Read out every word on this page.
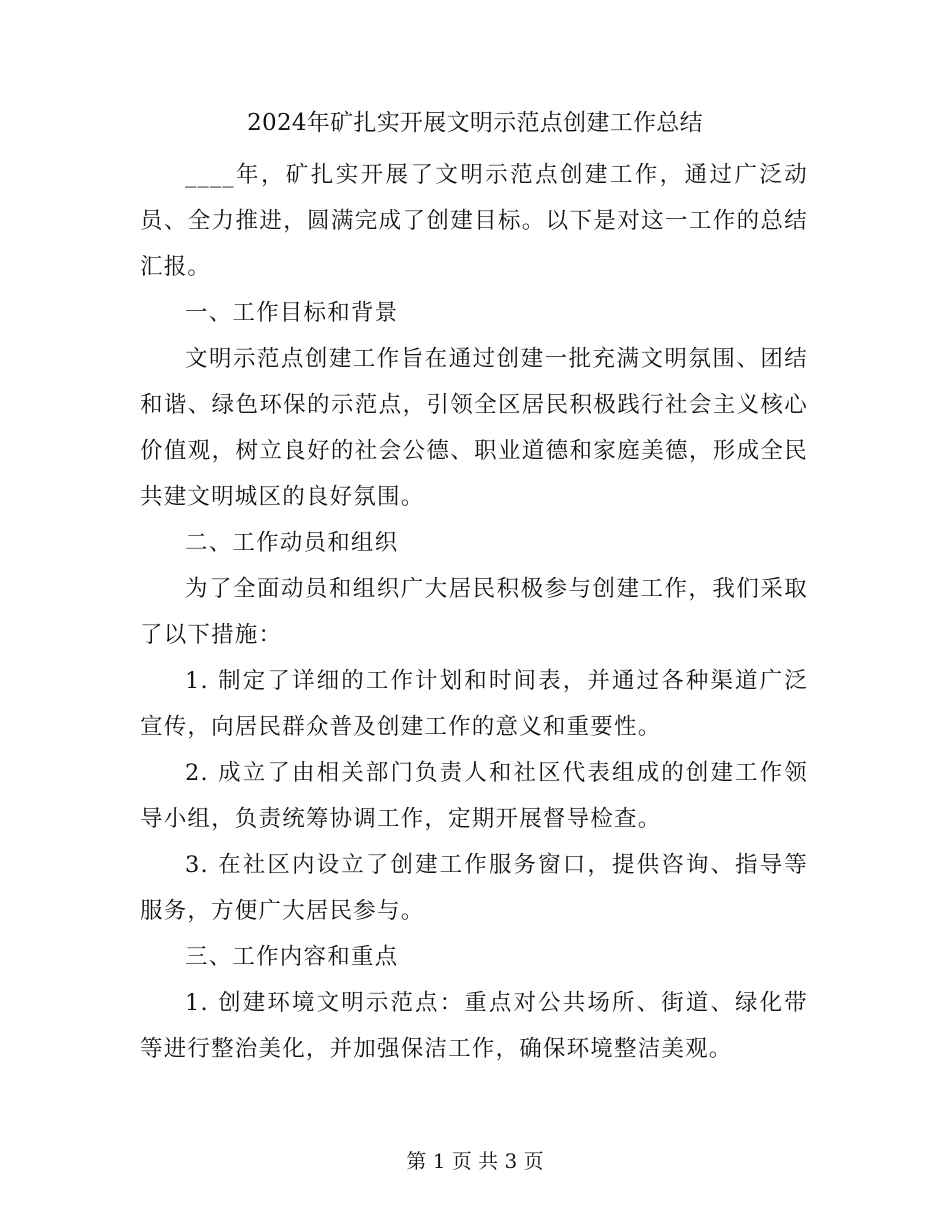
2024年矿扎实开展文明示范点创建工作总结

____年，矿扎实开展了文明示范点创建工作，通过广泛动员、全力推进，圆满完成了创建目标。以下是对这一工作的总结汇报。

一、工作目标和背景

文明示范点创建工作旨在通过创建一批充满文明氛围、团结和谐、绿色环保的示范点，引领全区居民积极践行社会主义核心价值观，树立良好的社会公德、职业道德和家庭美德，形成全民共建文明城区的良好氛围。

二、工作动员和组织

为了全面动员和组织广大居民积极参与创建工作，我们采取了以下措施：

1. 制定了详细的工作计划和时间表，并通过各种渠道广泛宣传，向居民群众普及创建工作的意义和重要性。

2. 成立了由相关部门负责人和社区代表组成的创建工作领导小组，负责统筹协调工作，定期开展督导检查。

3. 在社区内设立了创建工作服务窗口，提供咨询、指导等服务，方便广大居民参与。

三、工作内容和重点

1. 创建环境文明示范点：重点对公共场所、街道、绿化带等进行整治美化，并加强保洁工作，确保环境整洁美观。

第 1 页 共 3 页
